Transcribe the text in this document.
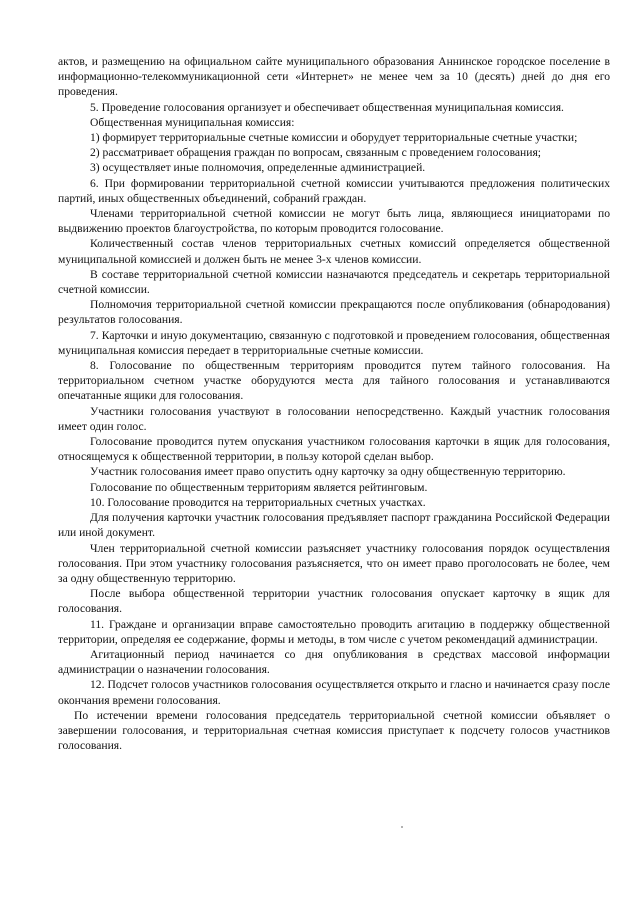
актов, и размещению на официальном сайте муниципального образования Аннинское городское поселение в информационно-телекоммуникационной сети «Интернет» не менее чем за 10 (десять) дней до дня его проведения.

5. Проведение голосования организует и обеспечивает общественная муниципальная комиссия.

Общественная муниципальная комиссия:

1) формирует территориальные счетные комиссии и оборудует территориальные счетные участки;

2) рассматривает обращения граждан по вопросам, связанным с проведением голосования;

3) осуществляет иные полномочия, определенные администрацией.

6. При формировании территориальной счетной комиссии учитываются предложения политических партий, иных общественных объединений, собраний граждан.

Членами территориальной счетной комиссии не могут быть лица, являющиеся инициаторами по выдвижению проектов благоустройства, по которым проводится голосование.

Количественный состав членов территориальных счетных комиссий определяется общественной муниципальной комиссией и должен быть не менее 3-х членов комиссии.

В составе территориальной счетной комиссии назначаются председатель и секретарь территориальной счетной комиссии.

Полномочия территориальной счетной комиссии прекращаются после опубликования (обнародования) результатов голосования.

7. Карточки и иную документацию, связанную с подготовкой и проведением голосования, общественная муниципальная комиссия передает в территориальные счетные комиссии.

8. Голосование по общественным территориям проводится путем тайного голосования. На территориальном счетном участке оборудуются места для тайного голосования и устанавливаются опечатанные ящики для голосования.

Участники голосования участвуют в голосовании непосредственно. Каждый участник голосования имеет один голос.

Голосование проводится путем опускания участником голосования карточки в ящик для голосования, относящемуся к общественной территории, в пользу которой сделан выбор.

Участник голосования имеет право опустить одну карточку за одну общественную территорию.

Голосование по общественным территориям является рейтинговым.

10. Голосование проводится на территориальных счетных участках.

Для получения карточки участник голосования предъявляет паспорт гражданина Российской Федерации или иной документ.

Член территориальной счетной комиссии разъясняет участнику голосования порядок осуществления голосования. При этом участнику голосования разъясняется, что он имеет право проголосовать не более, чем за одну общественную территорию.

После выбора общественной территории участник голосования опускает карточку в ящик для голосования.

11. Граждане и организации вправе самостоятельно проводить агитацию в поддержку общественной территории, определяя ее содержание, формы и методы, в том числе с учетом рекомендаций администрации.

Агитационный период начинается со дня опубликования в средствах массовой информации администрации о назначении голосования.

12. Подсчет голосов участников голосования осуществляется открыто и гласно и начинается сразу после окончания времени голосования.

По истечении времени голосования председатель территориальной счетной комиссии объявляет о завершении голосования, и территориальная счетная комиссия приступает к подсчету голосов участников голосования.
